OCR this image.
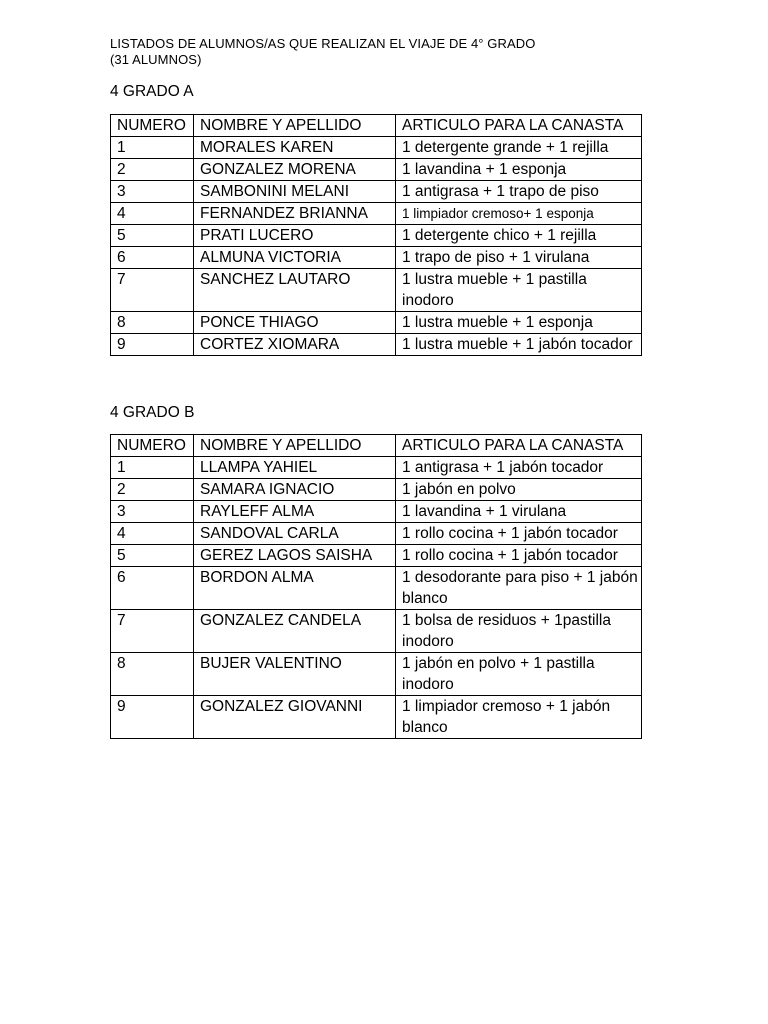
LISTADOS DE ALUMNOS/AS QUE REALIZAN EL VIAJE DE 4° GRADO
(31 ALUMNOS)
4 GRADO A
NUMERO	NOMBRE Y APELLIDO	ARTICULO PARA LA CANASTA
1	MORALES KAREN	1 detergente grande + 1 rejilla
2	GONZALEZ MORENA	1 lavandina + 1 esponja
3	SAMBONINI MELANI	1 antigrasa + 1 trapo de piso
4	FERNANDEZ BRIANNA	1 limpiador cremoso+ 1 esponja
5	PRATI LUCERO	1 detergente chico + 1 rejilla
6	ALMUNA VICTORIA	1 trapo de piso + 1 virulana
7	SANCHEZ LAUTARO	1 lustra mueble + 1 pastilla inodoro
8	PONCE THIAGO	1 lustra mueble + 1 esponja
9	CORTEZ XIOMARA	1 lustra mueble + 1 jabón tocador
4 GRADO B
NUMERO	NOMBRE Y APELLIDO	ARTICULO PARA LA CANASTA
1	LLAMPA YAHIEL	1 antigrasa + 1 jabón tocador
2	SAMARA IGNACIO	1 jabón en polvo
3	RAYLEFF ALMA	1 lavandina + 1 virulana
4	SANDOVAL CARLA	1 rollo cocina + 1 jabón tocador
5	GEREZ LAGOS SAISHA	1 rollo cocina + 1 jabón tocador
6	BORDON ALMA	1 desodorante para piso + 1 jabón blanco
7	GONZALEZ CANDELA	1 bolsa de residuos + 1pastilla inodoro
8	BUJER VALENTINO	1 jabón en polvo + 1 pastilla inodoro
9	GONZALEZ GIOVANNI	1 limpiador cremoso + 1 jabón blanco
